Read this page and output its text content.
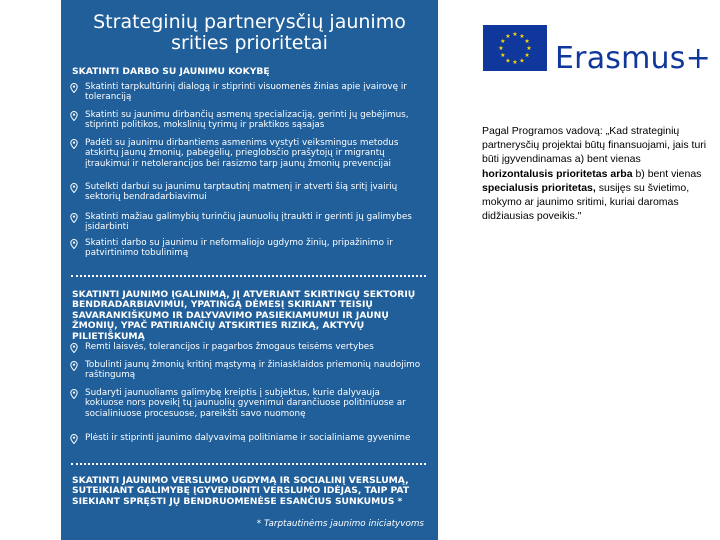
Strateginių partnerysčių jaunimo
srities prioritetai
SKATINTI DARBO SU JAUNIMU KOKYBĘ
Skatinti tarpkultūrinį dialogą ir stiprinti visuomenės žinias apie įvairovę ir toleranciją
Skatinti su jaunimu dirbančių asmenų specializaciją, gerinti jų gebėjimus, stiprinti politikos, mokslinių tyrimų ir praktikos sąsajas
Padėti su jaunimu dirbantiems asmenims vystyti veiksmingus metodus atskirtų jaunų žmonių, pabėgėlių, prieglobsčio prašytojų ir migrantų įtraukimui ir netolerancijos bei rasizmo tarp jaunų žmonių prevencijai
Sutelkti darbui su jaunimu tarptautinį matmenį ir atverti šią sritį įvairių sektorių bendradarbiavimui
Skatinti mažiau galimybių turinčių jaunuolių įtraukti ir gerinti jų galimybes įsidarbinti
Skatinti darbo su jaunimu ir neformaliojo ugdymo žinių, pripažinimo ir patvirtinimo tobulinimą
SKATINTI JAUNIMO ĮGALINIMĄ, JĮ ATVERIANT SKIRTINGŲ SEKTORIŲ BENDRADARBIAVIMUI, YPATINGĄ DĖMESĮ SKIRIANT TEISIŲ SAVARANKIŠKUMO IR DALYVAVIMO PASIEKIAMUMUI IR JAUNŲ ŽMONIŲ, YPAČ PATIRIANČIŲ ATSKIRTIES RIZIKĄ, AKTYVŲ PILIETIŠKUMĄ
Remti laisvės, tolerancijos ir pagarbos žmogaus teisėms vertybes
Tobulinti jaunų žmonių kritinį mąstymą ir žiniasklaidos priemonių naudojimo raštingumą
Sudaryti jaunuoliams galimybę kreiptis į subjektus, kurie dalyvauja kokiuose nors poveikį tų jaunuolių gyvenimui darančiuose politiniuose ar socialiniuose procesuose, pareikšti savo nuomonę
Plėsti ir stiprinti jaunimo dalyvavimą politiniame ir socialiniame gyvenime
SKATINTI JAUNIMO VERSLUMO UGDYMĄ IR SOCIALINĮ VERSLUMĄ, SUTEIKIANT GALIMYBĘ ĮGYVENDINTI VERSLUMO IDĖJAS, TAIP PAT SIEKIANT SPRĘSTI JŲ BENDRUOMENĖSE ESANČIUS SUNKUMUS *
* Tarptautinėms jaunimo iniciatyvoms
★
★
★
★
★
★
★
★
★ ★ ★
★ Erasmus+
Pagal Programos vadovą: „Kad strateginių partnerysčių projektai būtų finansuojami, jais turi būti įgyvendinamas a) bent vienas horizontalusis prioritetas arba b) bent vienas specialusis prioritetas, susijęs su švietimo, mokymo ar jaunimo sritimi, kuriai daromas didžiausias poveikis."
